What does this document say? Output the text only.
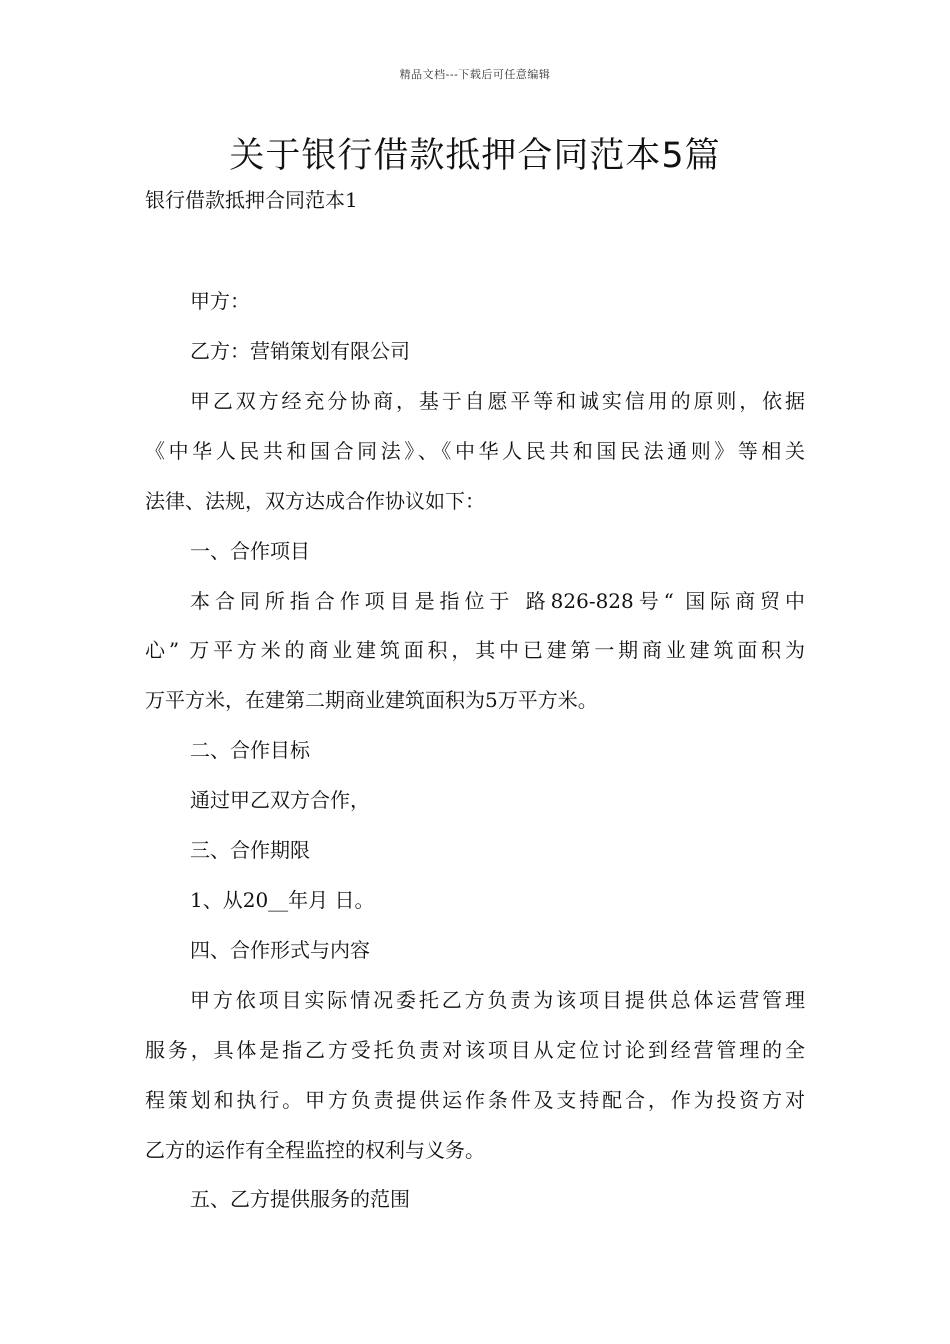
精品文档---下载后可任意编辑
关于银行借款抵押合同范本5篇
银行借款抵押合同范本1
甲方：
乙方：营销策划有限公司
甲乙双方经充分协商，基于自愿平等和诚实信用的原则，依据
《中华人民共和国合同法》、《中华人民共和国民法通则》等相关
法律、法规，双方达成合作协议如下：
一、合作项目
本合同所指合作项目是指位于 路826-828号“ 国际商贸中
心” 万平方米的商业建筑面积，其中已建第一期商业建筑面积为
万平方米，在建第二期商业建筑面积为5万平方米。
二、合作目标
通过甲乙双方合作，
三、合作期限
1、从20__年月 日。
四、合作形式与内容
甲方依项目实际情况委托乙方负责为该项目提供总体运营管理
服务，具体是指乙方受托负责对该项目从定位讨论到经营管理的全
程策划和执行。甲方负责提供运作条件及支持配合，作为投资方对
乙方的运作有全程监控的权利与义务。
五、乙方提供服务的范围
